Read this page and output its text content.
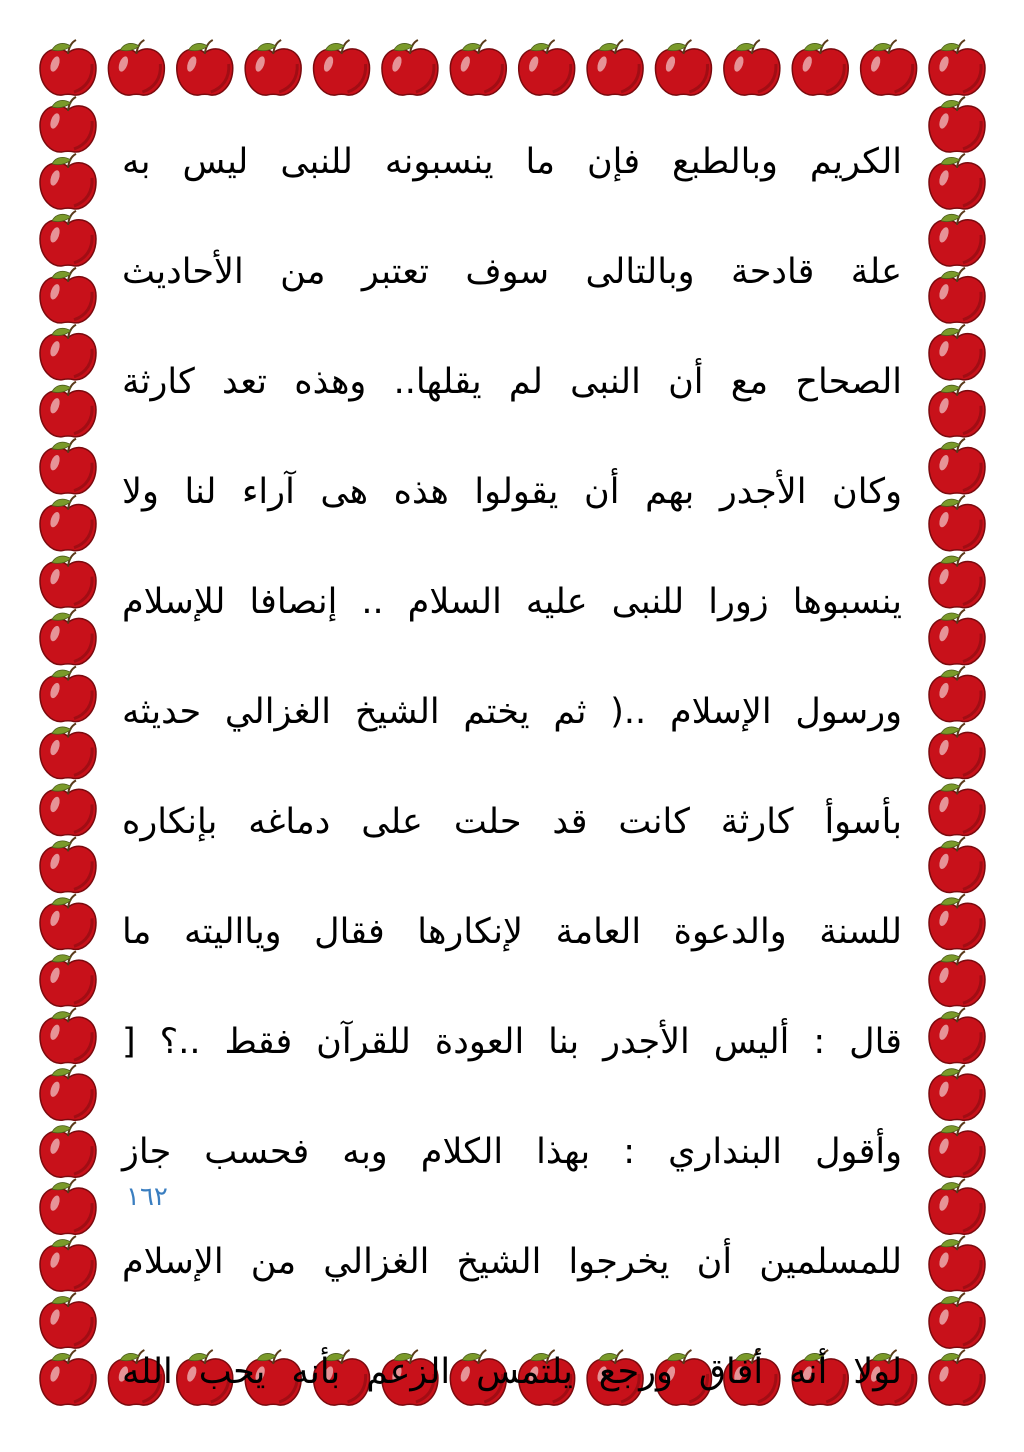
الكريم وبالطبع فإن ما ينسبونه للنبى ليس به
علة قادحة وبالتالى سوف تعتبر من الأحاديث
الصحاح مع أن النبى لم يقلها.. وهذه تعد كارثة
وكان الأجدر بهم أن يقولوا هذه هى آراء لنا ولا
ينسبوها زورا للنبى عليه السلام .. إنصافا للإسلام
ورسول الإسلام ..( ثم يختم الشيخ الغزالي حديثه
بأسوأ كارثة كانت قد حلت على دماغه بإنكاره
للسنة والدعوة العامة لإنكارها فقال ويااليته ما
قال : أليس الأجدر بنا العودة للقرآن فقط ..؟ [
وأقول البنداري : بهذا الكلام وبه فحسب جاز
للمسلمين أن يخرجوا الشيخ الغزالي من الإسلام
لولا أنه أفاق ورجع يلتمس الزعم بأنه يحب الله
١٦٢
